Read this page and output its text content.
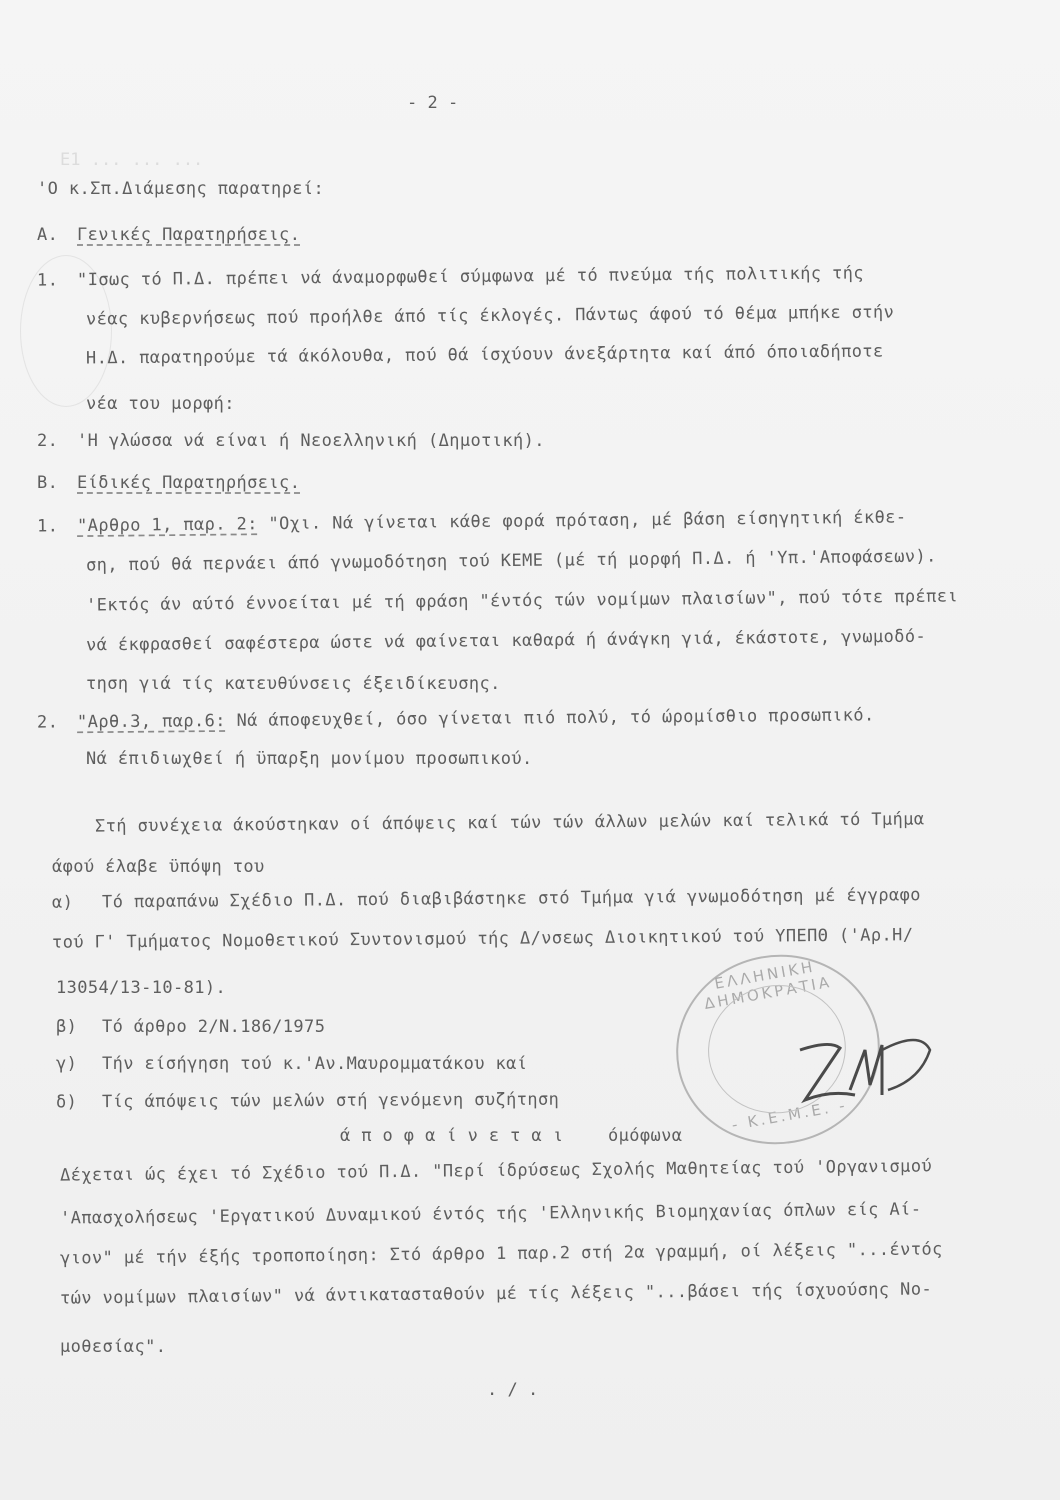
Ε1 ... ... ...
- 2 -
'Ο κ.Σπ.Διάμεσης παρατηρεί:
Α. Γενικές Παρατηρήσεις.
1. "Ισως τό Π.Δ. πρέπει νά άναμορφωθεί σύμφωνα μέ τό πνεύμα τής πολιτικής τής
νέας κυβερνήσεως πού προήλθε άπό τίς έκλογές. Πάντως άφού τό θέμα μπήκε στήν
Η.Δ. παρατηρούμε τά άκόλουθα, πού θά ίσχύουν άνεξάρτητα καί άπό όποιαδήποτε
νέα του μορφή:
2. 'Η γλώσσα νά είναι ή Νεοελληνική (Δημοτική).
Β. Είδικές Παρατηρήσεις.
1. "Αρθρο 1, παρ. 2: "Οχι. Νά γίνεται κάθε φορά πρόταση, μέ βάση είσηγητική έκθε-
ση, πού θά περνάει άπό γνωμοδότηση τού ΚΕΜΕ (μέ τή μορφή Π.Δ. ή 'Υπ.'Αποφάσεων).
'Εκτός άν αύτό έννοείται μέ τή φράση "έντός τών νομίμων πλαισίων", πού τότε πρέπει
νά έκφρασθεί σαφέστερα ώστε νά φαίνεται καθαρά ή άνάγκη γιά, έκάστοτε, γνωμοδό-
τηση γιά τίς κατευθύνσεις έξειδίκευσης.
2. "Αρθ.3, παρ.6: Νά άποφευχθεί, όσο γίνεται πιό πολύ, τό ώρομίσθιο προσωπικό.
Νά έπιδιωχθεί ή ϋπαρξη μονίμου προσωπικού.
Στή συνέχεια άκούστηκαν οί άπόψεις καί τών τών άλλων μελών καί τελικά τό Τμήμα
άφού έλαβε ϋπόψη του
α) Τό παραπάνω Σχέδιο Π.Δ. πού διαβιβάστηκε στό Τμήμα γιά γνωμοδότηση μέ έγγραφο
τού Γ' Τμήματος Νομοθετικού Συντονισμού τής Δ/νσεως Διοικητικού τού ΥΠΕΠΘ ('Αρ.Η/
13054/13-10-81).
β) Τό άρθρο 2/Ν.186/1975
γ) Τήν είσήγηση τού κ.'Αν.Μαυρομματάκου καί
δ) Τίς άπόψεις τών μελών στή γενόμενη συζήτηση
ά π ο φ α ί ν ε τ α ι	όμόφωνα
Δέχεται ώς έχει τό Σχέδιο τού Π.Δ. "Περί ίδρύσεως Σχολής Μαθητείας τού 'Οργανισμού
'Απασχολήσεως 'Εργατικού Δυναμικού έντός τής 'Ελληνικής Βιομηχανίας όπλων είς Αί-
γιον" μέ τήν έξής τροποποίηση: Στό άρθρο 1 παρ.2 στή 2α γραμμή, οί λέξεις "...έντός
τών νομίμων πλαισίων" νά άντικατασταθούν μέ τίς λέξεις "...βάσει τής ίσχυούσης Νο-
μοθεσίας".
. / .
ΕΛΛΗΝΙΚΗ ΔΗΜΟΚΡΑΤΙΑ
- Κ.Ε.Μ.Ε. -
